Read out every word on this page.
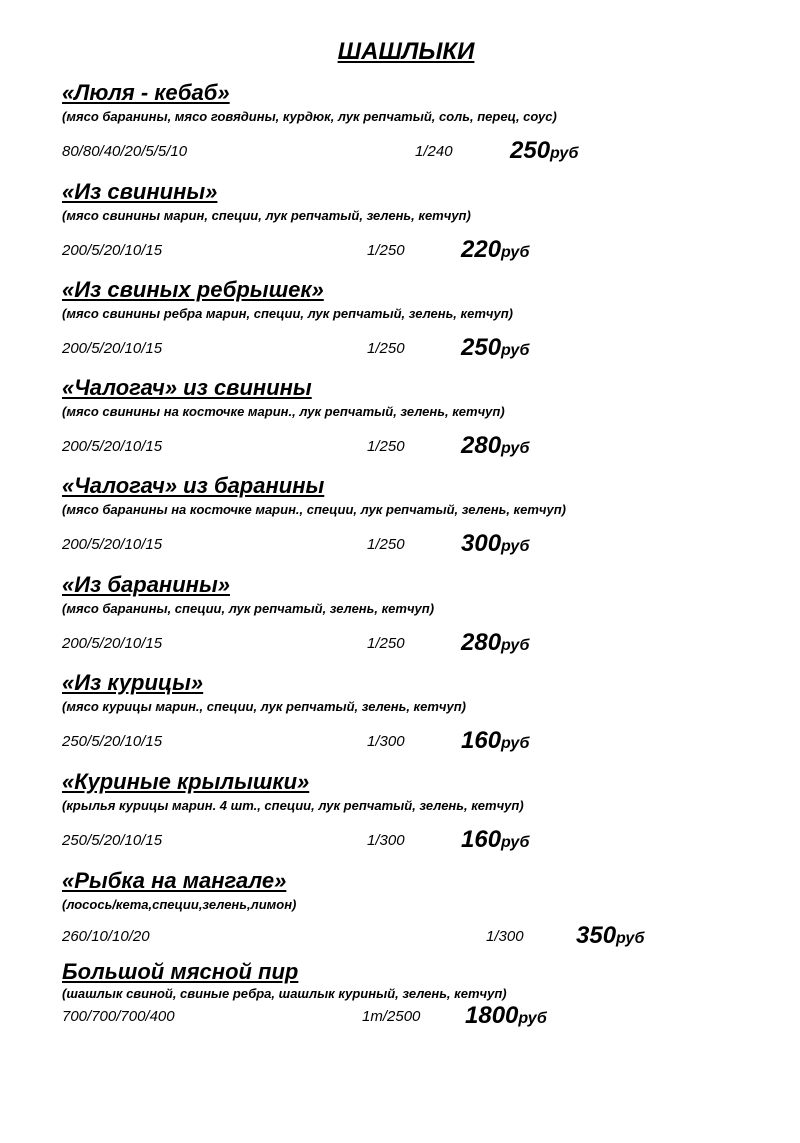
ШАШЛЫКИ
«Люля - кебаб»
(мясо баранины, мясо говядины, курдюк, лук репчатый, соль, перец, соус)
80/80/40/20/5/5/10	1/240 250руб
«Из свинины»
(мясо свинины марин, специи, лук репчатый, зелень, кетчуп)
200/5/20/10/15	1/250 220руб
«Из свиных ребрышек»
(мясо свинины ребра марин, специи, лук репчатый, зелень, кетчуп)
200/5/20/10/15	1/250 250руб
«Чалогач» из свинины
(мясо свинины на косточке марин., лук репчатый, зелень, кетчуп)
200/5/20/10/15	1/250 280руб
«Чалогач» из баранины
(мясо баранины на косточке марин., специи, лук репчатый, зелень, кетчуп)
200/5/20/10/15	1/250 300руб
«Из баранины»
(мясо баранины, специи, лук репчатый, зелень, кетчуп)
200/5/20/10/15	1/250 280руб
«Из курицы»
(мясо курицы марин., специи, лук репчатый, зелень, кетчуп)
250/5/20/10/15	1/300 160руб
«Куриные крылышки»
(крылья курицы марин. 4 шт., специи, лук репчатый, зелень, кетчуп)
250/5/20/10/15	1/300 160руб
«Рыбка на мангале»
(лосось/кета,специи,зелень,лимон)
260/10/10/20	1/300 350руб
Большой мясной пир
(шашлык свиной, свиные ребра, шашлык куриный, зелень, кетчуп)
700/700/700/400	1т/2500 1800руб
